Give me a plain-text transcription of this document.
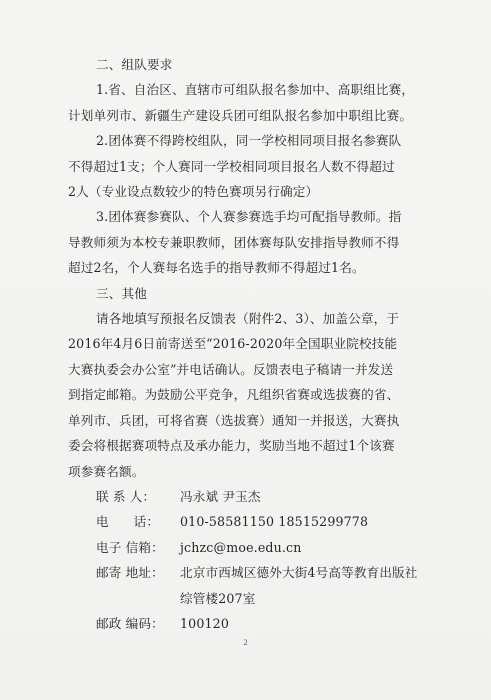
二、组队要求

1.省、自治区、直辖市可组队报名参加中、高职组比赛，
计划单列市、新疆生产建设兵团可组队报名参加中职组比赛。

2.团体赛不得跨校组队，同一学校相同项目报名参赛队
不得超过1支；个人赛同一学校相同项目报名人数不得超过
2人（专业设点数较少的特色赛项另行确定）

3.团体赛参赛队、个人赛参赛选手均可配指导教师。指
导教师须为本校专兼职教师，团体赛每队安排指导教师不得
超过2名，个人赛每名选手的指导教师不得超过1名。

三、其他

请各地填写预报名反馈表（附件2、3）、加盖公章，于
2016年4月6日前寄送至“2016-2020年全国职业院校技能
大赛执委会办公室”并电话确认。反馈表电子稿请一并发送
到指定邮箱。为鼓励公平竞争，凡组织省赛或选拔赛的省、
单列市、兵团，可将省赛（选拔赛）通知一并报送，大赛执
委会将根据赛项特点及承办能力，奖励当地不超过1个该赛
项参赛名额。

联 系 人：	冯永斌 尹玉杰
电      话：	010-58581150 18515299778
电子 信箱：	jchzc@moe.edu.cn
邮寄 地址：	北京市西城区德外大街4号高等教育出版社
综管楼207室
邮政 编码：	100120
2
